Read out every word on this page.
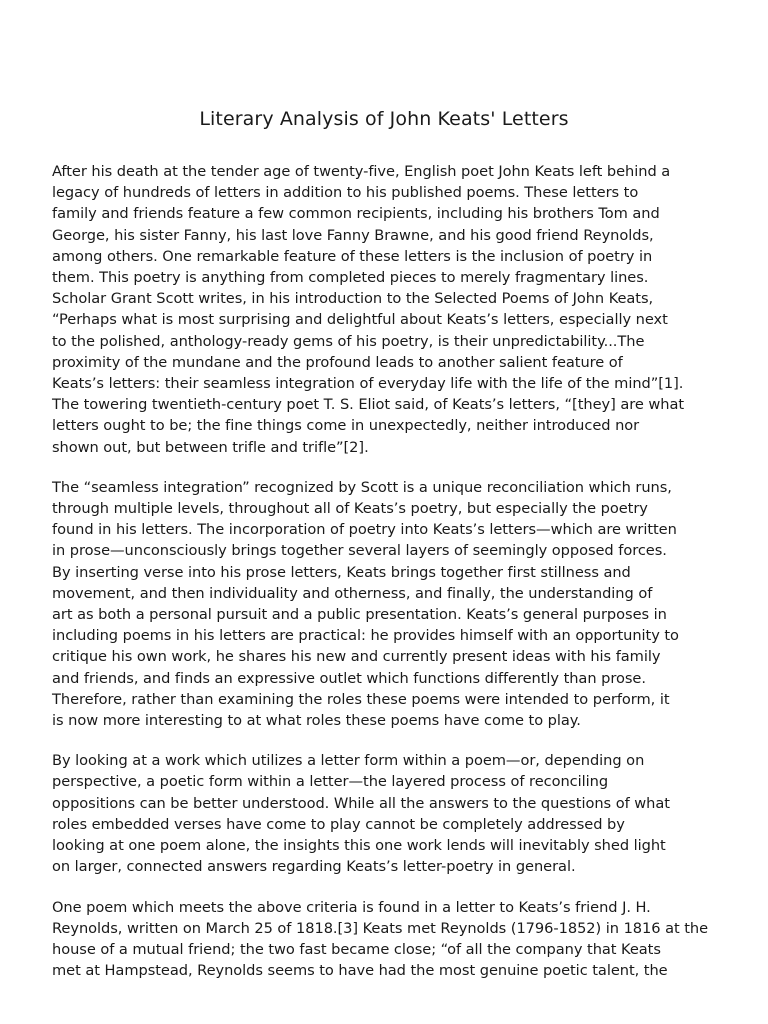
Literary Analysis of John Keats' Letters

After his death at the tender age of twenty-five, English poet John Keats left behind a
legacy of hundreds of letters in addition to his published poems. These letters to
family and friends feature a few common recipients, including his brothers Tom and
George, his sister Fanny, his last love Fanny Brawne, and his good friend Reynolds,
among others. One remarkable feature of these letters is the inclusion of poetry in
them. This poetry is anything from completed pieces to merely fragmentary lines.
Scholar Grant Scott writes, in his introduction to the Selected Poems of John Keats,
“Perhaps what is most surprising and delightful about Keats’s letters, especially next
to the polished, anthology-ready gems of his poetry, is their unpredictability...The
proximity of the mundane and the profound leads to another salient feature of
Keats’s letters: their seamless integration of everyday life with the life of the mind”[1].
The towering twentieth-century poet T. S. Eliot said, of Keats’s letters, “[they] are what
letters ought to be; the fine things come in unexpectedly, neither introduced nor
shown out, but between trifle and trifle”[2].

The “seamless integration” recognized by Scott is a unique reconciliation which runs,
through multiple levels, throughout all of Keats’s poetry, but especially the poetry
found in his letters. The incorporation of poetry into Keats’s letters—which are written
in prose—unconsciously brings together several layers of seemingly opposed forces.
By inserting verse into his prose letters, Keats brings together first stillness and
movement, and then individuality and otherness, and finally, the understanding of
art as both a personal pursuit and a public presentation. Keats’s general purposes in
including poems in his letters are practical: he provides himself with an opportunity to
critique his own work, he shares his new and currently present ideas with his family
and friends, and finds an expressive outlet which functions differently than prose.
Therefore, rather than examining the roles these poems were intended to perform, it
is now more interesting to at what roles these poems have come to play.

By looking at a work which utilizes a letter form within a poem—or, depending on
perspective, a poetic form within a letter—the layered process of reconciling
oppositions can be better understood. While all the answers to the questions of what
roles embedded verses have come to play cannot be completely addressed by
looking at one poem alone, the insights this one work lends will inevitably shed light
on larger, connected answers regarding Keats’s letter-poetry in general.

One poem which meets the above criteria is found in a letter to Keats’s friend J. H.
Reynolds, written on March 25 of 1818.[3] Keats met Reynolds (1796-1852) in 1816 at the
house of a mutual friend; the two fast became close; “of all the company that Keats
met at Hampstead, Reynolds seems to have had the most genuine poetic talent, the
